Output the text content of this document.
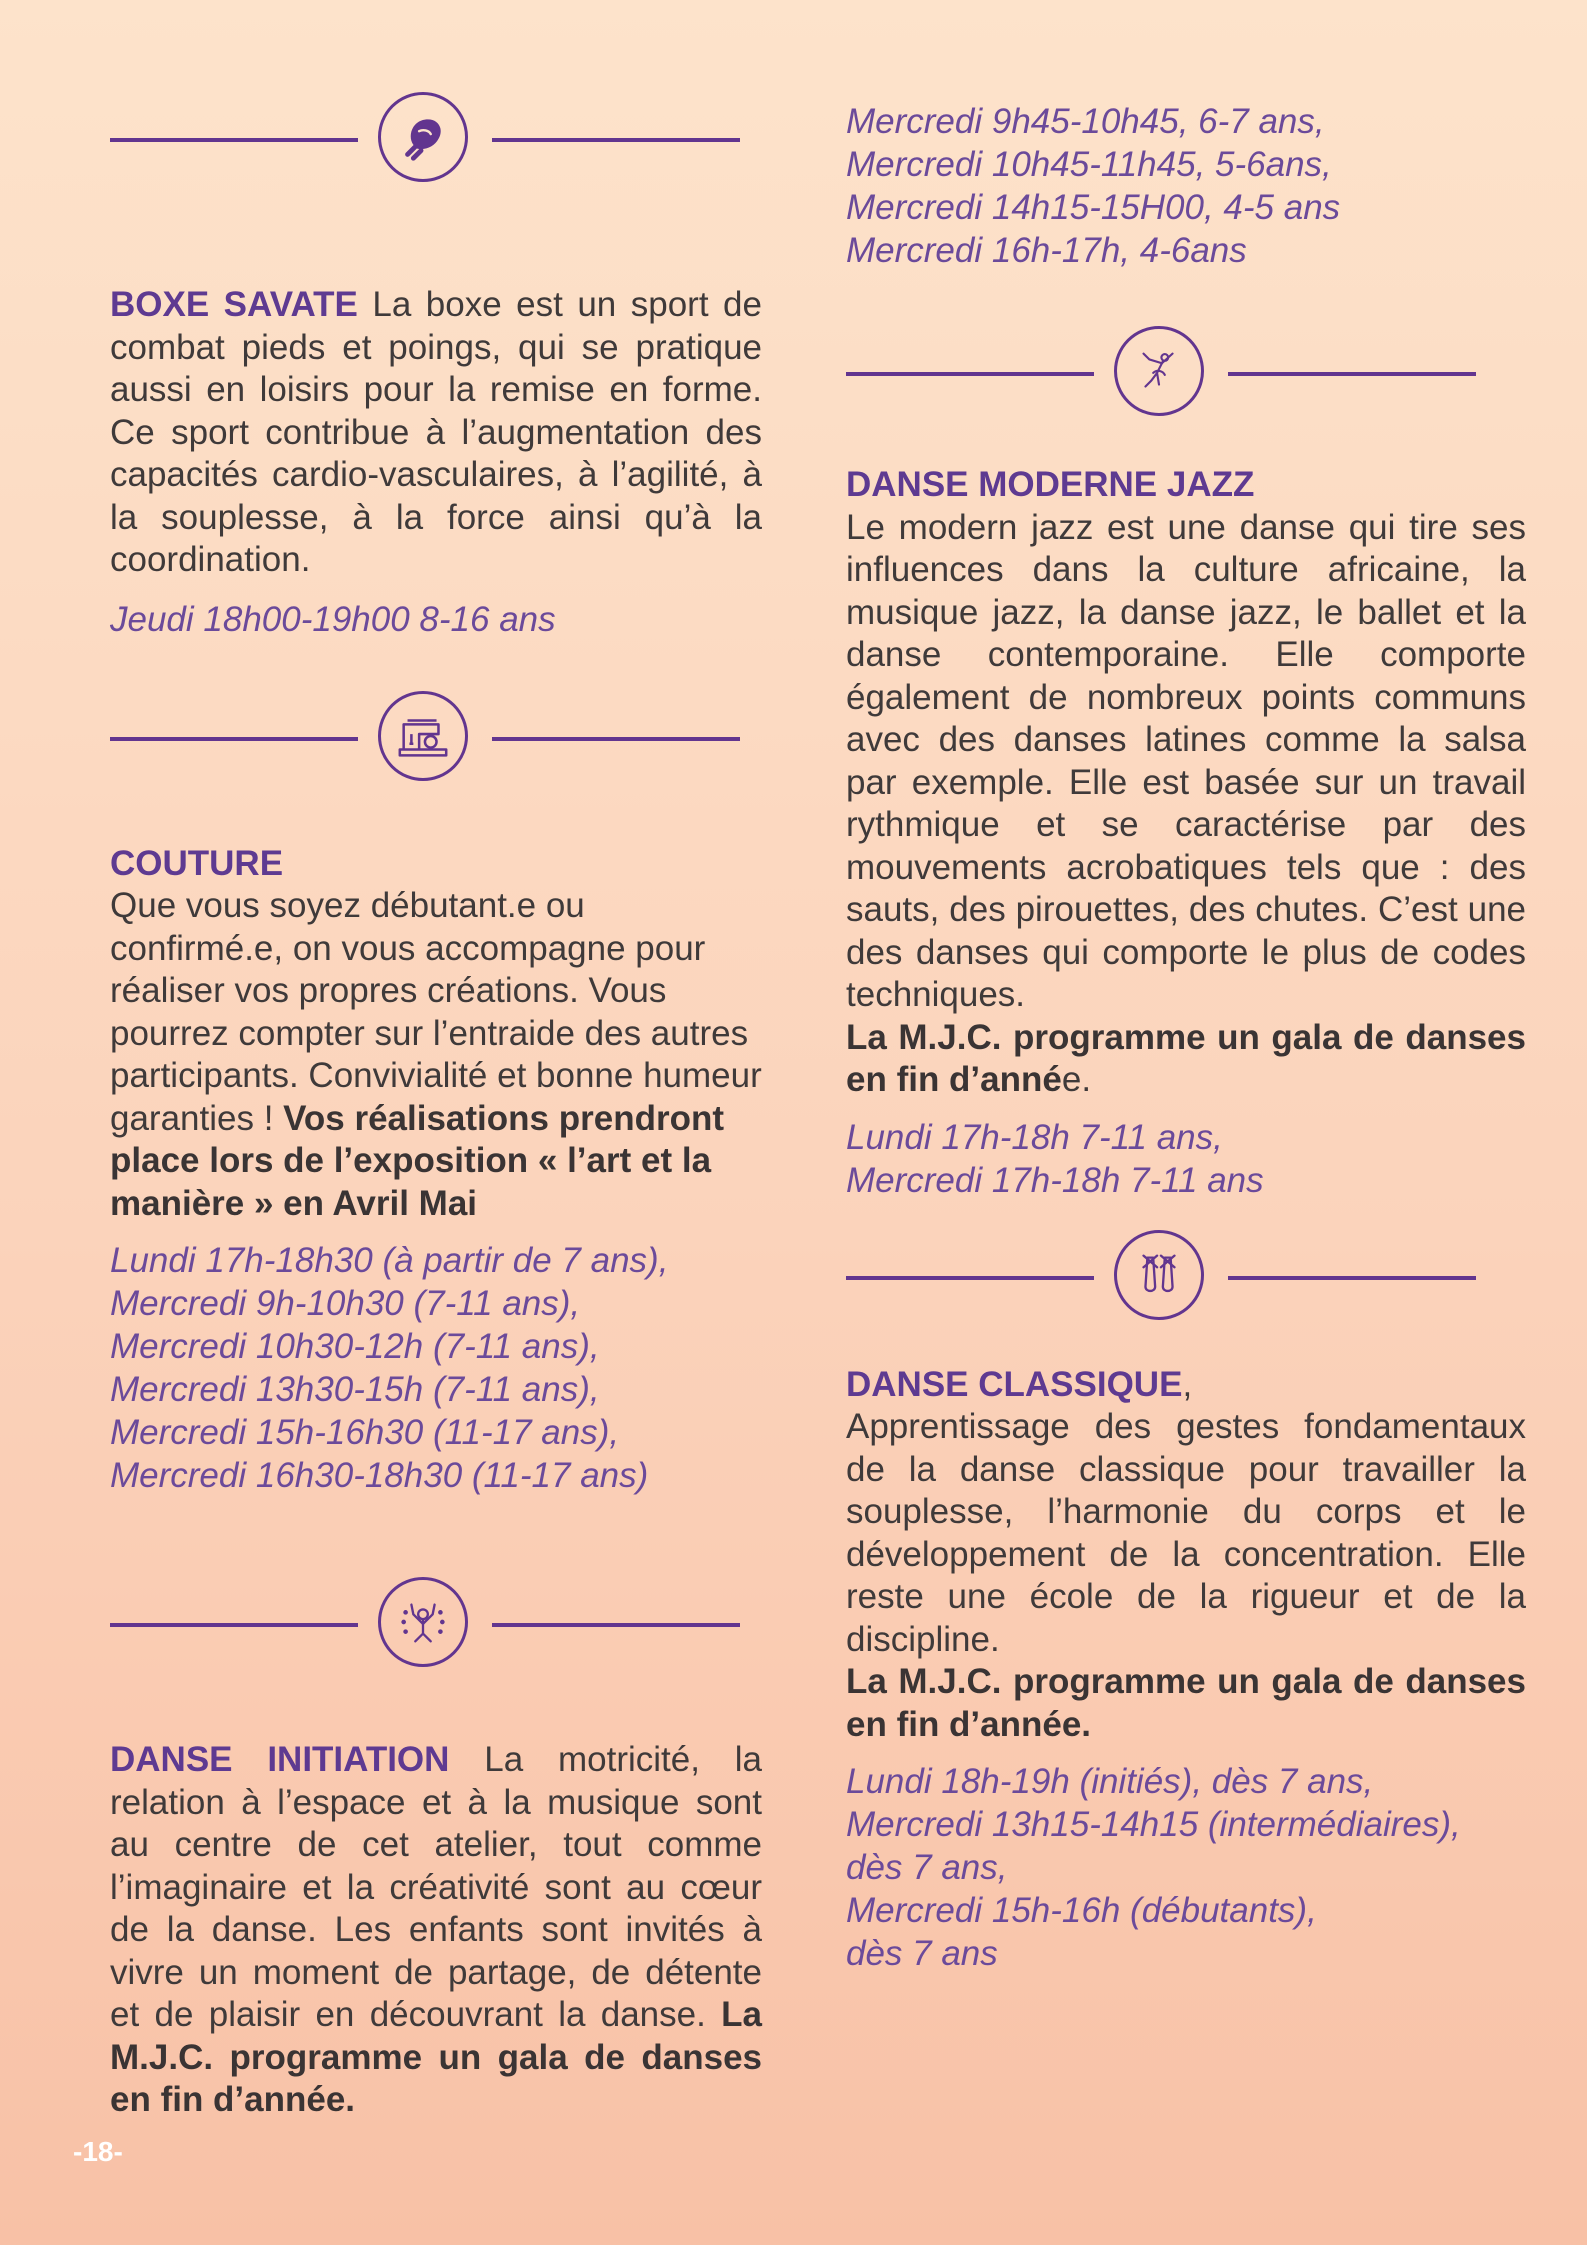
BOXE SAVATE La boxe est un sport de combat pieds et poings, qui se pratique aussi en loisirs pour la remise en forme. Ce sport contribue à l’augmentation des capacités cardio-vasculaires, à l’agilité, à la souplesse, à la force ainsi qu’à la coordination.

Jeudi 18h00-19h00 8-16 ans

COUTURE
Que vous soyez débutant.e ou confirmé.e, on vous accompagne pour réaliser vos propres créations. Vous pourrez compter sur l’entraide des autres participants. Convivialité et bonne humeur garanties ! Vos réalisations prendront place lors de l’exposition « l’art et la manière » en Avril Mai

Lundi 17h-18h30 (à partir de 7 ans),
Mercredi 9h-10h30 (7-11 ans),
Mercredi 10h30-12h (7-11 ans),
Mercredi 13h30-15h (7-11 ans),
Mercredi 15h-16h30 (11-17 ans),
Mercredi 16h30-18h30 (11-17 ans)

DANSE INITIATION La motricité, la relation à l’espace et à la musique sont au centre de cet atelier, tout comme l’imaginaire et la créativité sont au cœur de la danse. Les enfants sont invités à vivre un moment de partage, de détente et de plaisir en découvrant la danse. La M.J.C. programme un gala de danses en fin d’année.

Mercredi 9h45-10h45, 6-7 ans,
Mercredi 10h45-11h45, 5-6ans,
Mercredi 14h15-15H00, 4-5 ans
Mercredi 16h-17h, 4-6ans

DANSE MODERNE JAZZ
Le modern jazz est une danse qui tire ses influences dans la culture africaine, la musique jazz, la danse jazz, le ballet et la danse contemporaine. Elle comporte également de nombreux points communs avec des danses latines comme la salsa par exemple. Elle est basée sur un travail rythmique et se caractérise par des mouvements acrobatiques tels que : des sauts, des pirouettes, des chutes. C’est une des danses qui comporte le plus de codes techniques.
La M.J.C. programme un gala de danses en fin d’année.

Lundi 17h-18h 7-11 ans,
Mercredi 17h-18h 7-11 ans

DANSE CLASSIQUE,
Apprentissage des gestes fondamentaux de la danse classique pour travailler la souplesse, l’harmonie du corps et le développement de la concentration. Elle reste une école de la rigueur et de la discipline.
La M.J.C. programme un gala de danses en fin d’année.

Lundi 18h-19h (initiés), dès 7 ans,
Mercredi 13h15-14h15 (intermédiaires),
dès 7 ans,
Mercredi 15h-16h (débutants),
dès 7 ans

-18-
